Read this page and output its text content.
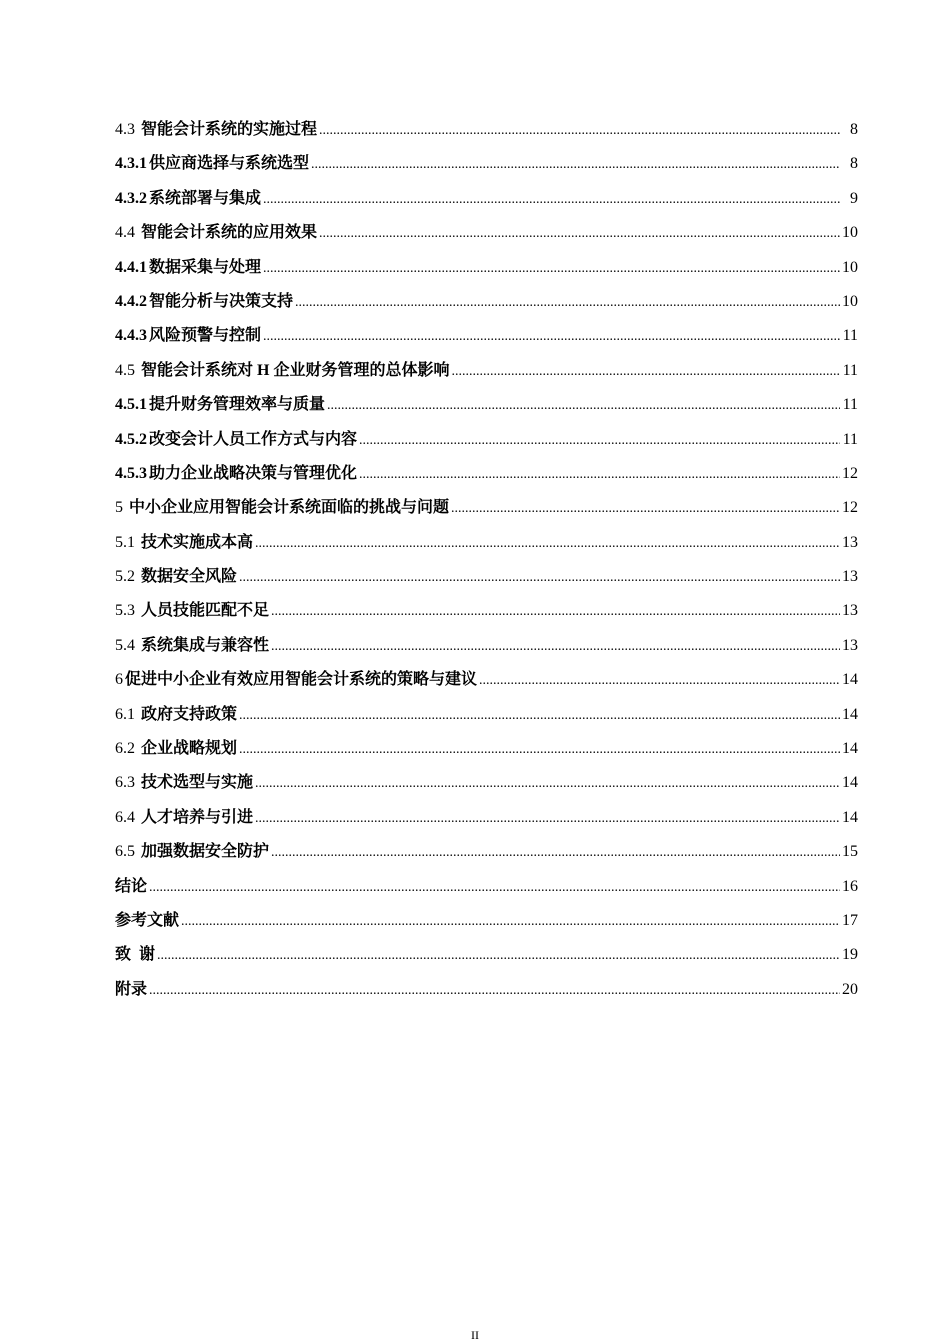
4.3 智能会计系统的实施过程 .....	8
4.3.1 供应商选择与系统选型 .....	8
4.3.2 系统部署与集成 .....	9
4.4 智能会计系统的应用效果 .....	10
4.4.1 数据采集与处理 .....	10
4.4.2 智能分析与决策支持 .....	10
4.4.3 风险预警与控制 .....	11
4.5 智能会计系统对 H 企业财务管理的总体影响 .....	11
4.5.1 提升财务管理效率与质量 .....	11
4.5.2 改变会计人员工作方式与内容 .....	11
4.5.3 助力企业战略决策与管理优化 .....	12
5 中小企业应用智能会计系统面临的挑战与问题 .....	12
5.1 技术实施成本高 .....	13
5.2 数据安全风险 .....	13
5.3 人员技能匹配不足 .....	13
5.4 系统集成与兼容性 .....	13
6 促进中小企业有效应用智能会计系统的策略与建议 .....	14
6.1 政府支持政策 .....	14
6.2 企业战略规划 .....	14
6.3 技术选型与实施 .....	14
6.4 人才培养与引进 .....	14
6.5 加强数据安全防护 .....	15
结论 .....	16
参考文献 .....	17
致  谢 .....	19
附录 .....	20
II
